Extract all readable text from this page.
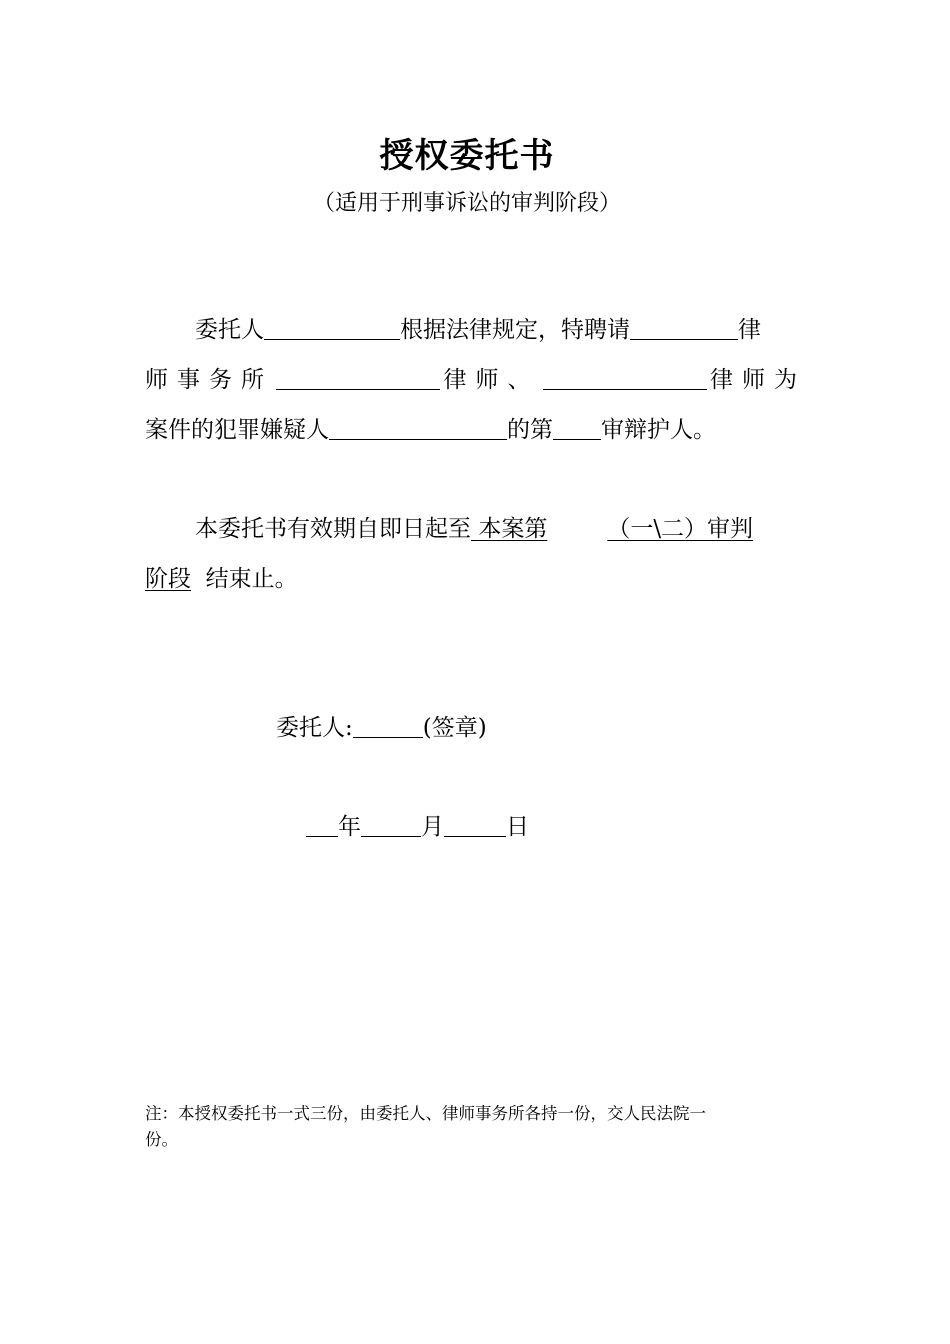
授权委托书
（适用于刑事诉讼的审判阶段）
委托人	根据法律规定，特聘请	律
师事务所	律师、	律师为
案件的犯罪嫌疑人	的第 审辩护人。
本委托书有效期自即日起至 本案第	（一\二）审判
阶段 结束止。
委托人:	(签章)
年	月	日
注：本授权委托书一式三份，由委托人、律师事务所各持一份，交人民法院一
份。
